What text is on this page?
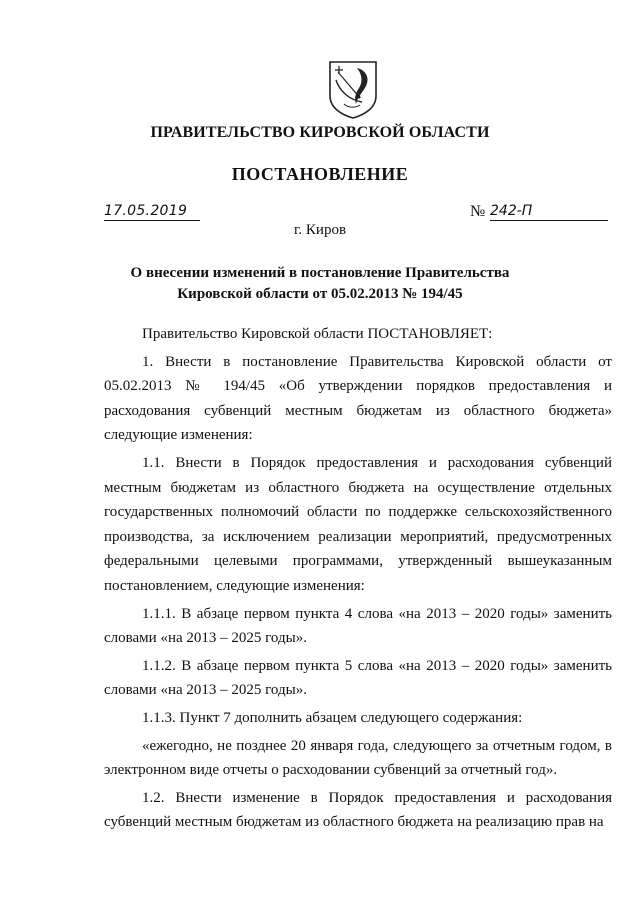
ПРАВИТЕЛЬСТВО КИРОВСКОЙ ОБЛАСТИ
ПОСТАНОВЛЕНИЕ
17.05.2019	№ 242-П
г. Киров
О внесении изменений в постановление Правительства
Кировской области от 05.02.2013 № 194/45
Правительство Кировской области ПОСТАНОВЛЯЕТ:
1. Внести в постановление Правительства Кировской области от 05.02.2013 № 194/45 «Об утверждении порядков предоставления и расходования субвенций местным бюджетам из областного бюджета» следующие изменения:
1.1. Внести в Порядок предоставления и расходования субвенций местным бюджетам из областного бюджета на осуществление отдельных государственных полномочий области по поддержке сельскохозяйственного производства, за исключением реализации мероприятий, предусмотренных федеральными целевыми программами, утвержденный вышеуказанным постановлением, следующие изменения:
1.1.1. В абзаце первом пункта 4 слова «на 2013 – 2020 годы» заменить словами «на 2013 – 2025 годы».
1.1.2. В абзаце первом пункта 5 слова «на 2013 – 2020 годы» заменить словами «на 2013 – 2025 годы».
1.1.3. Пункт 7 дополнить абзацем следующего содержания:
«ежегодно, не позднее 20 января года, следующего за отчетным годом, в электронном виде отчеты о расходовании субвенций за отчетный год».
1.2. Внести изменение в Порядок предоставления и расходования субвенций местным бюджетам из областного бюджета на реализацию прав на
